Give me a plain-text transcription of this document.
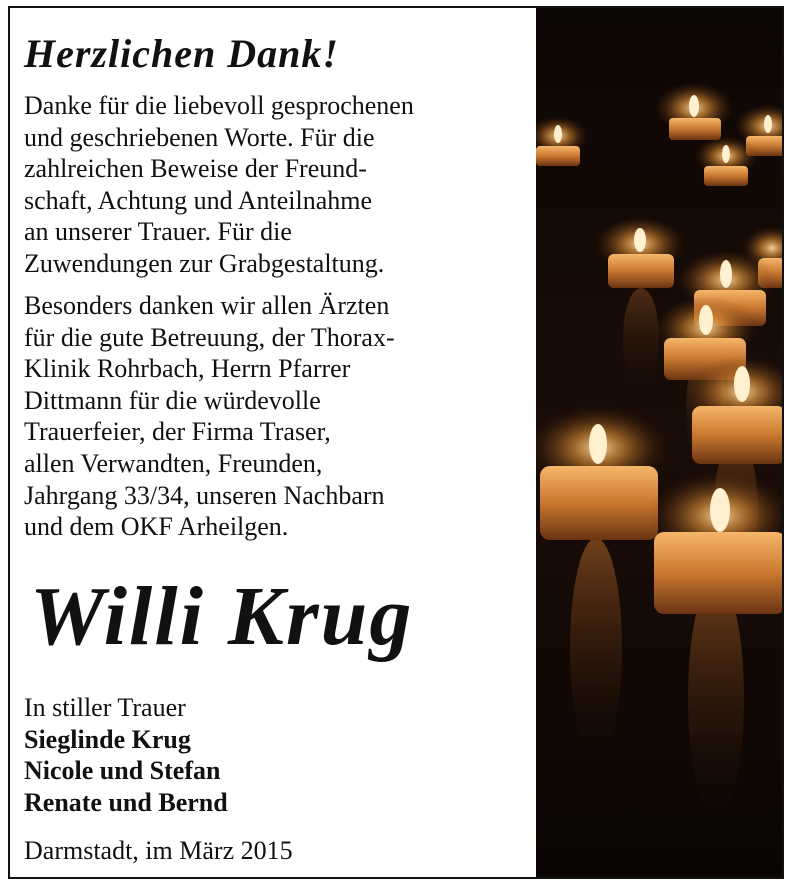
Herzlichen Dank!
Danke für die liebevoll gesprochenen
und geschriebenen Worte. Für die
zahlreichen Beweise der Freund-
schaft, Achtung und Anteilnahme
an unserer Trauer. Für die
Zuwendungen zur Grabgestaltung.
Besonders danken wir allen Ärzten
für die gute Betreuung, der Thorax-
Klinik Rohrbach, Herrn Pfarrer
Dittmann für die würdevolle
Trauerfeier, der Firma Traser,
allen Verwandten, Freunden,
Jahrgang 33/34, unseren Nachbarn
und dem OKF Arheilgen.
Willi Krug
In stiller Trauer
Sieglinde Krug
Nicole und Stefan
Renate und Bernd
Darmstadt, im März 2015
